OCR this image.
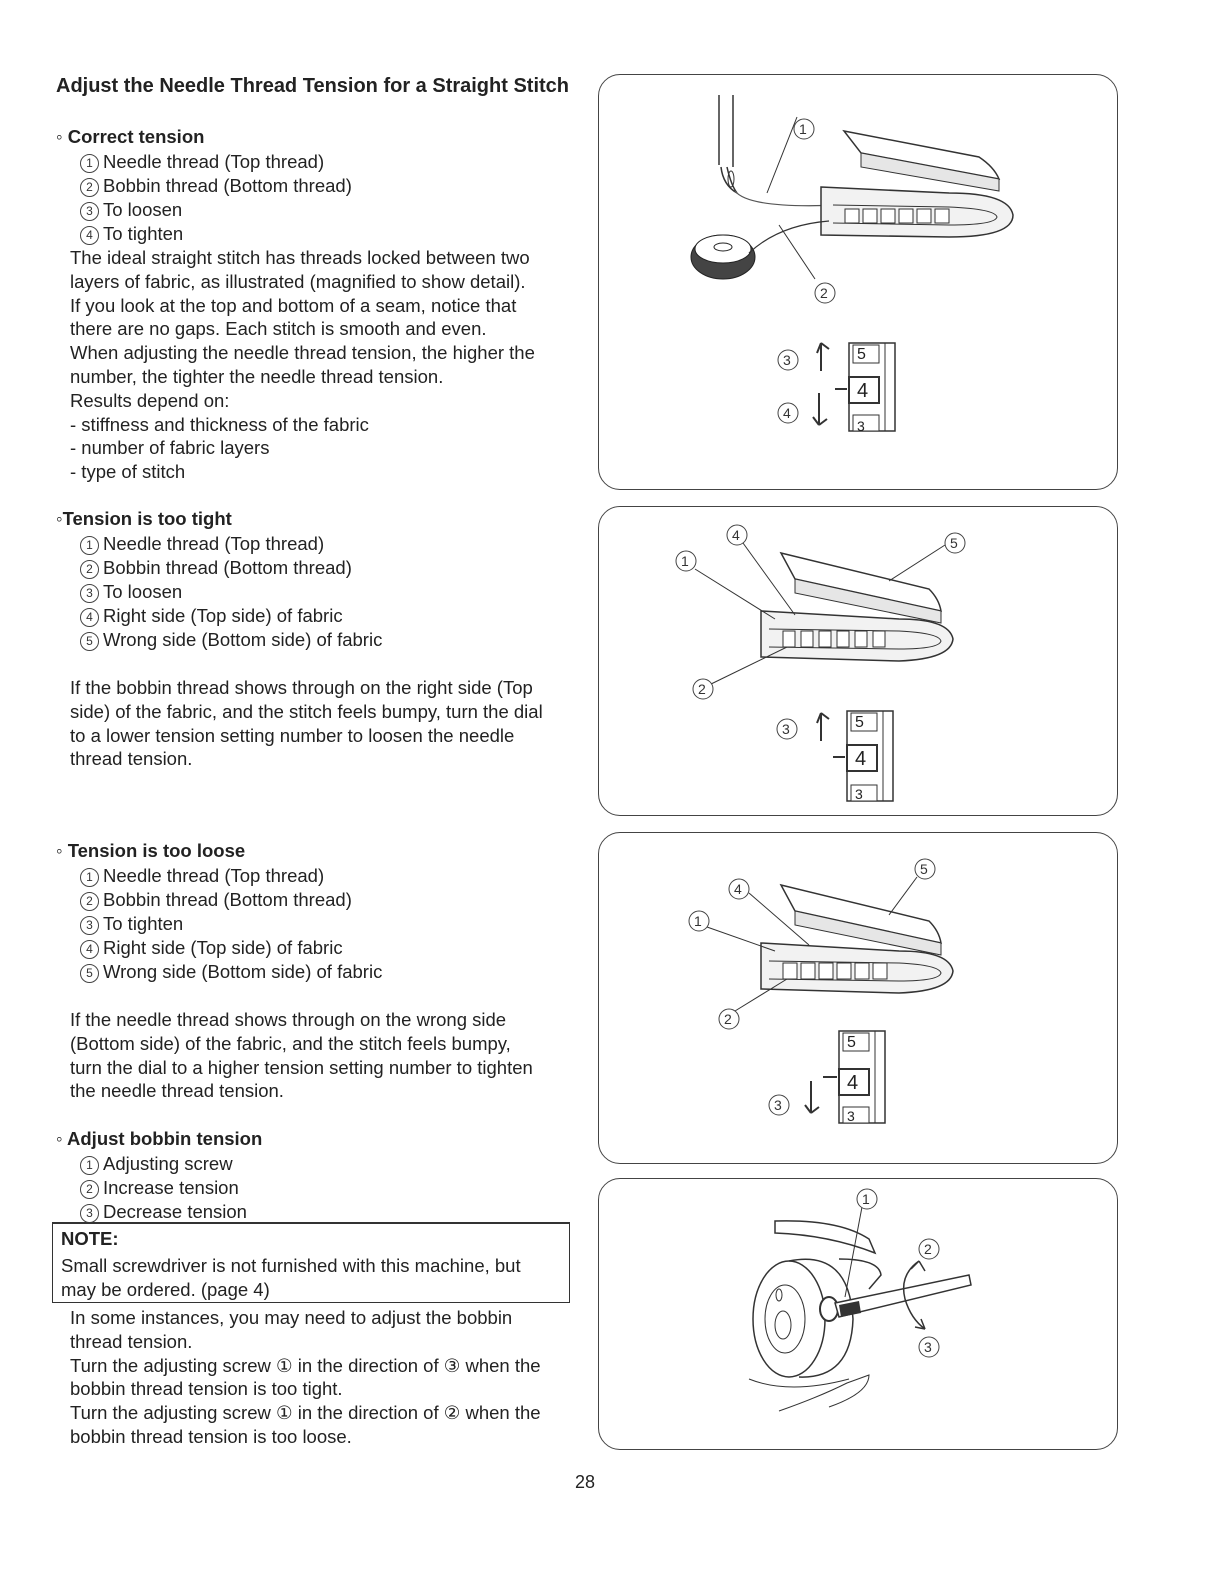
Adjust the Needle Thread Tension for a Straight Stitch
◦ Correct tension
1 Needle thread (Top thread)
2 Bobbin thread (Bottom thread)
3 To loosen
4 To tighten
The ideal straight stitch has threads locked between two
layers of fabric, as illustrated (magnified to show detail).
If you look at the top and bottom of a seam, notice that
there are no gaps. Each stitch is smooth and even.
When adjusting the needle thread tension, the higher the
number, the tighter the needle thread tension.
Results depend on:
- stiffness and thickness of the fabric
- number of fabric layers
- type of stitch
◦Tension is too tight
1 Needle thread (Top thread)
2 Bobbin thread (Bottom thread)
3 To loosen
4 Right side (Top side) of fabric
5 Wrong side (Bottom side) of fabric
If the bobbin thread shows through on the right side (Top
side) of the fabric, and the stitch feels bumpy, turn the dial
to a lower tension setting number to loosen the needle
thread tension.
◦ Tension is too loose
1 Needle thread (Top thread)
2 Bobbin thread (Bottom thread)
3 To tighten
4 Right side (Top side) of fabric
5 Wrong side (Bottom side) of fabric
If the needle thread shows through on the wrong side
(Bottom side) of the fabric, and the stitch feels bumpy,
turn the dial to a higher tension setting number to tighten
the needle thread tension.
◦ Adjust bobbin tension
1 Adjusting screw
2 Increase tension
3 Decrease tension
NOTE:
Small screwdriver is not furnished with this machine, but
may be ordered. (page 4)
In some instances, you may need to adjust the bobbin
thread tension.
Turn the adjusting screw ① in the direction of ③ when the
bobbin thread tension is too tight.
Turn the adjusting screw ① in the direction of ② when the
bobbin thread tension is too loose.
1
2
3
4
5
4
3
1
4	5
2
3	5
4
3
1
4
5
2
3
5
4
3
1
2
3
28
